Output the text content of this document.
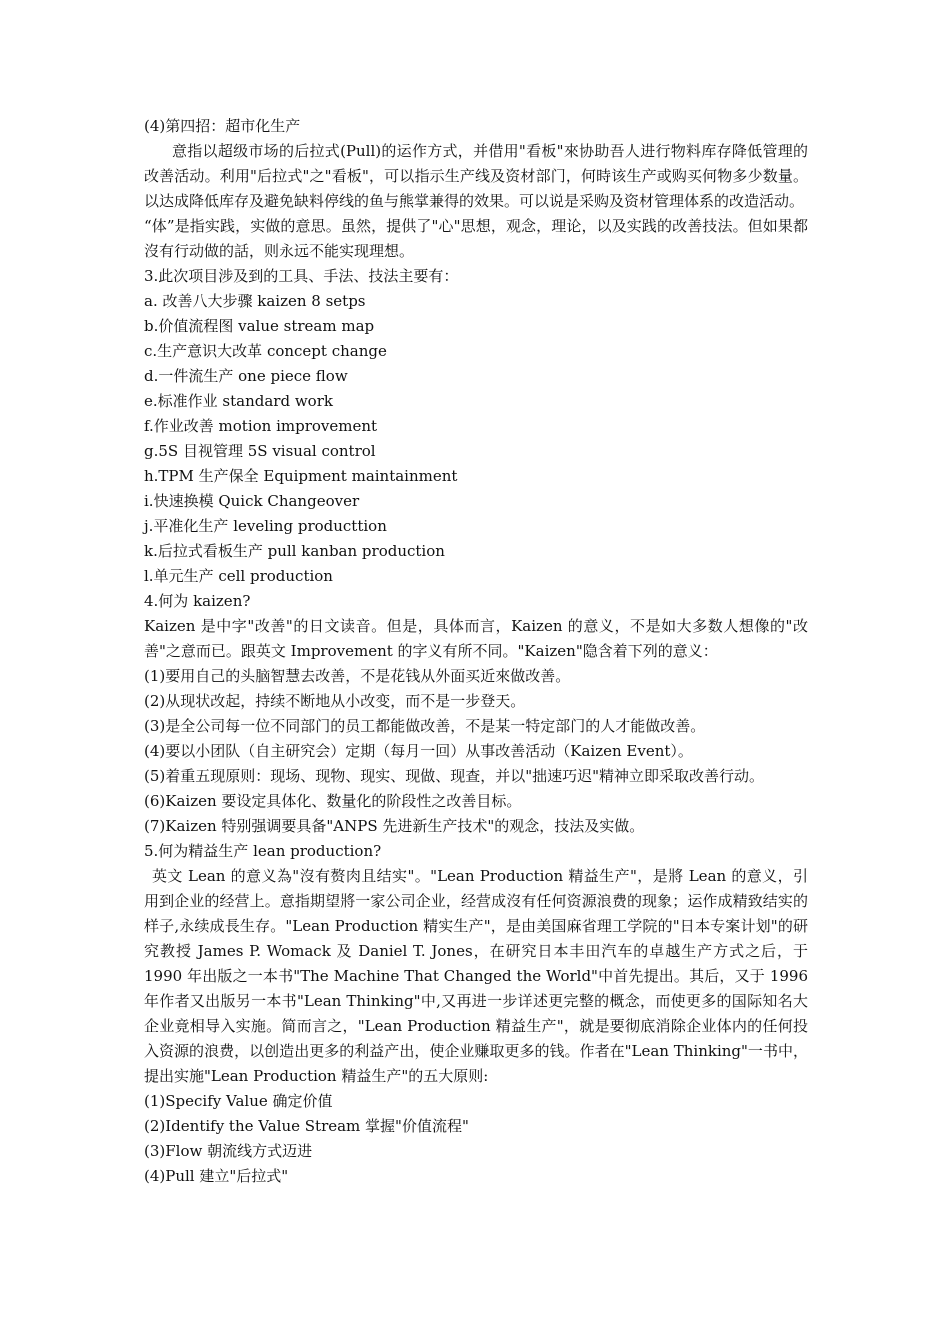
(4)第四招：超市化生产

意指以超级市场的后拉式(Pull)的运作方式，并借用"看板"來协助吾人进行物料库存降低管理的改善活动。利用"后拉式"之"看板"，可以指示生产线及资材部门，何時该生产或购买何物多少数量。以达成降低库存及避免缺料停线的鱼与熊掌兼得的效果。可以说是采购及资材管理体系的改造活动。

“体”是指实践，实做的意思。虽然，提供了"心"思想，观念，理论，以及实践的改善技法。但如果都沒有行动做的話，则永远不能实现理想。

3.此次项目涉及到的工具、手法、技法主要有：
a. 改善八大步骤 kaizen 8 setps
b.价值流程图 value stream map
c.生产意识大改革 concept change
d.一件流生产 one piece flow
e.标准作业 standard work
f.作业改善 motion improvement
g.5S 目视管理 5S visual control
h.TPM 生产保全 Equipment maintainment
i.快速换模 Quick Changeover
j.平准化生产 leveling producttion
k.后拉式看板生产 pull kanban production
l.单元生产 cell production
4.何为 kaizen?

Kaizen 是中字"改善"的日文读音。但是，具体而言，Kaizen 的意义，不是如大多数人想像的"改善"之意而已。跟英文 Improvement 的字义有所不同。"Kaizen"隐含着下列的意义：

(1)要用自己的头脑智慧去改善，不是花钱从外面买近來做改善。
(2)从现状改起，持续不断地从小改变，而不是一步登天。
(3)是全公司每一位不同部门的员工都能做改善，不是某一特定部门的人才能做改善。
(4)要以小团队（自主研究会）定期（每月一回）从事改善活动（Kaizen Event）。
(5)着重五现原则：现场、现物、现实、现做、现查，并以"拙速巧迟"精神立即采取改善行动。
(6)Kaizen 要设定具体化、数量化的阶段性之改善目标。
(7)Kaizen 特别强调要具备"ANPS 先进新生产技术"的观念，技法及实做。
5.何为精益生产 lean production?

英文 Lean 的意义為"沒有赘肉且结实"。"Lean Production 精益生产"，是將 Lean 的意义，引用到企业的经营上。意指期望將一家公司企业，经营成沒有任何资源浪费的现象；运作成精致结实的样子,永续成長生存。"Lean Production 精实生产"，是由美国麻省理工学院的"日本专案计划"的研究教授 James P. Womack 及 Daniel T. Jones，在研究日本丰田汽车的卓越生产方式之后，于 1990 年出版之一本书"The Machine That Changed the World"中首先提出。其后，又于 1996 年作者又出版另一本书"Lean Thinking"中,又再进一步详述更完整的概念，而使更多的国际知名大企业竟相导入实施。简而言之，"Lean Production 精益生产"，就是要彻底消除企业体内的任何投入资源的浪费，以创造出更多的利益产出，使企业赚取更多的钱。作者在"Lean Thinking"一书中，提出实施"Lean Production 精益生产"的五大原则:

(1)Specify Value 确定价值
(2)Identify the Value Stream 掌握"价值流程"
(3)Flow 朝流线方式迈进
(4)Pull 建立"后拉式"
